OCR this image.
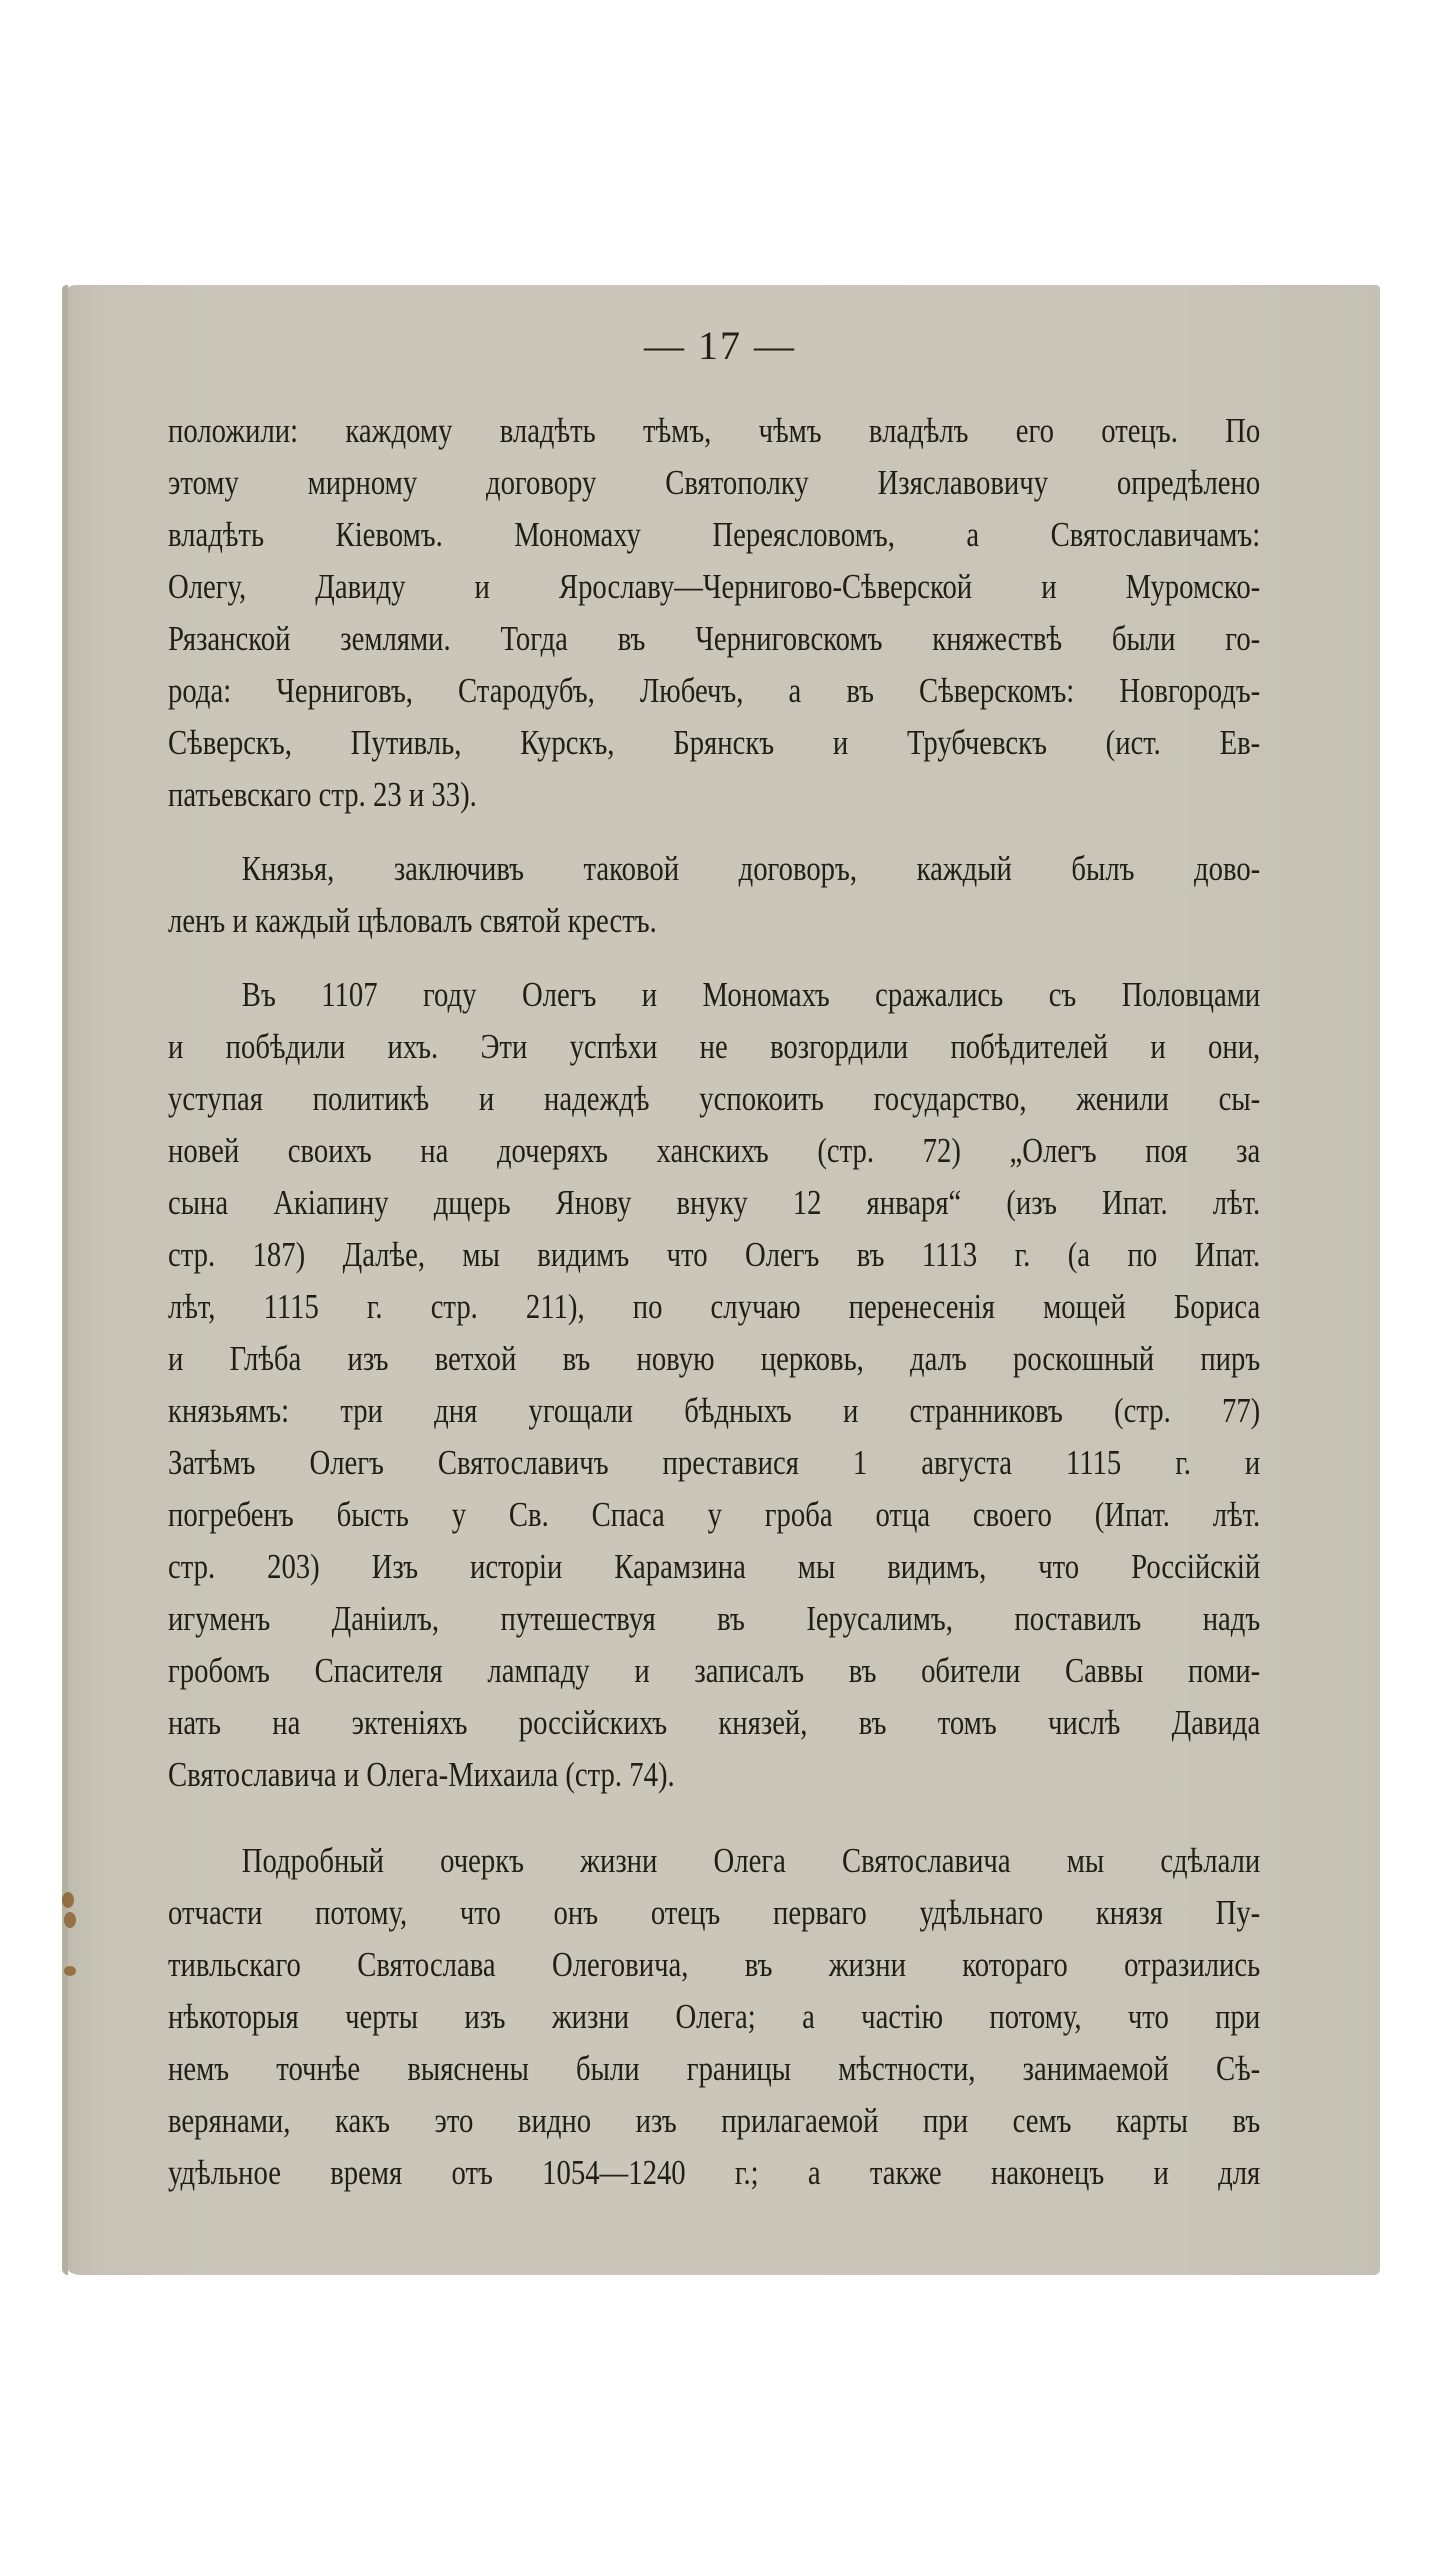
— 17 —
положили: каждому владѣть тѣмъ, чѣмъ владѣлъ его отецъ. По
этому мирному договору Святополку Изяславовичу опредѣлено
владѣть Кіевомъ. Мономаху Переясловомъ, а Святославичамъ:
Олегу, Давиду и Ярославу—Чернигово-Сѣверской и Муромско-
Рязанской землями. Тогда въ Черниговскомъ княжествѣ были го-
рода: Черниговъ, Стародубъ, Любечъ, а въ Сѣверскомъ: Новгородъ-
Сѣверскъ, Путивль, Курскъ, Брянскъ и Трубчевскъ (ист. Ев-
патьевскаго стр. 23 и 33).
Князья, заключивъ таковой договоръ, каждый былъ дово-
ленъ и каждый цѣловалъ святой крестъ.
Въ 1107 году Олегъ и Мономахъ сражались съ Половцами
и побѣдили ихъ. Эти успѣхи не возгордили побѣдителей и они,
уступая политикѣ и надеждѣ успокоить государство, женили сы-
новей своихъ на дочеряхъ ханскихъ (стр. 72) „Олегъ поя за
сына Акіапину дщерь Янову внуку 12 января“ (изъ Ипат. лѣт.
стр. 187) Далѣе, мы видимъ что Олегъ въ 1113 г. (а по Ипат.
лѣт, 1115 г. стр. 211), по случаю перенесенія мощей Бориса
и Глѣба изъ ветхой въ новую церковь, далъ роскошный пиръ
князьямъ: три дня угощали бѣдныхъ и странниковъ (стр. 77)
Затѣмъ Олегъ Святославичъ преставися 1 августа 1115 г. и
погребенъ бысть у Св. Спаса у гроба отца своего (Ипат. лѣт.
стр. 203) Изъ исторіи Карамзина мы видимъ, что Россійскій
игуменъ Даніилъ, путешествуя въ Іерусалимъ, поставилъ надъ
гробомъ Спасителя лампаду и записалъ въ обители Саввы поми-
нать на эктеніяхъ россійскихъ князей, въ томъ числѣ Давида
Святославича и Олега-Михаила (стр. 74).
Подробный очеркъ жизни Олега Святославича мы сдѣлали
отчасти потому, что онъ отецъ перваго удѣльнаго князя Пу-
тивльскаго Святослава Олеговича, въ жизни котораго отразились
нѣкоторыя черты изъ жизни Олега; а частію потому, что при
немъ точнѣе выяснены были границы мѣстности, занимаемой Сѣ-
верянами, какъ это видно изъ прилагаемой при семъ карты въ
удѣльное время отъ 1054—1240 г.; а также наконецъ и для
